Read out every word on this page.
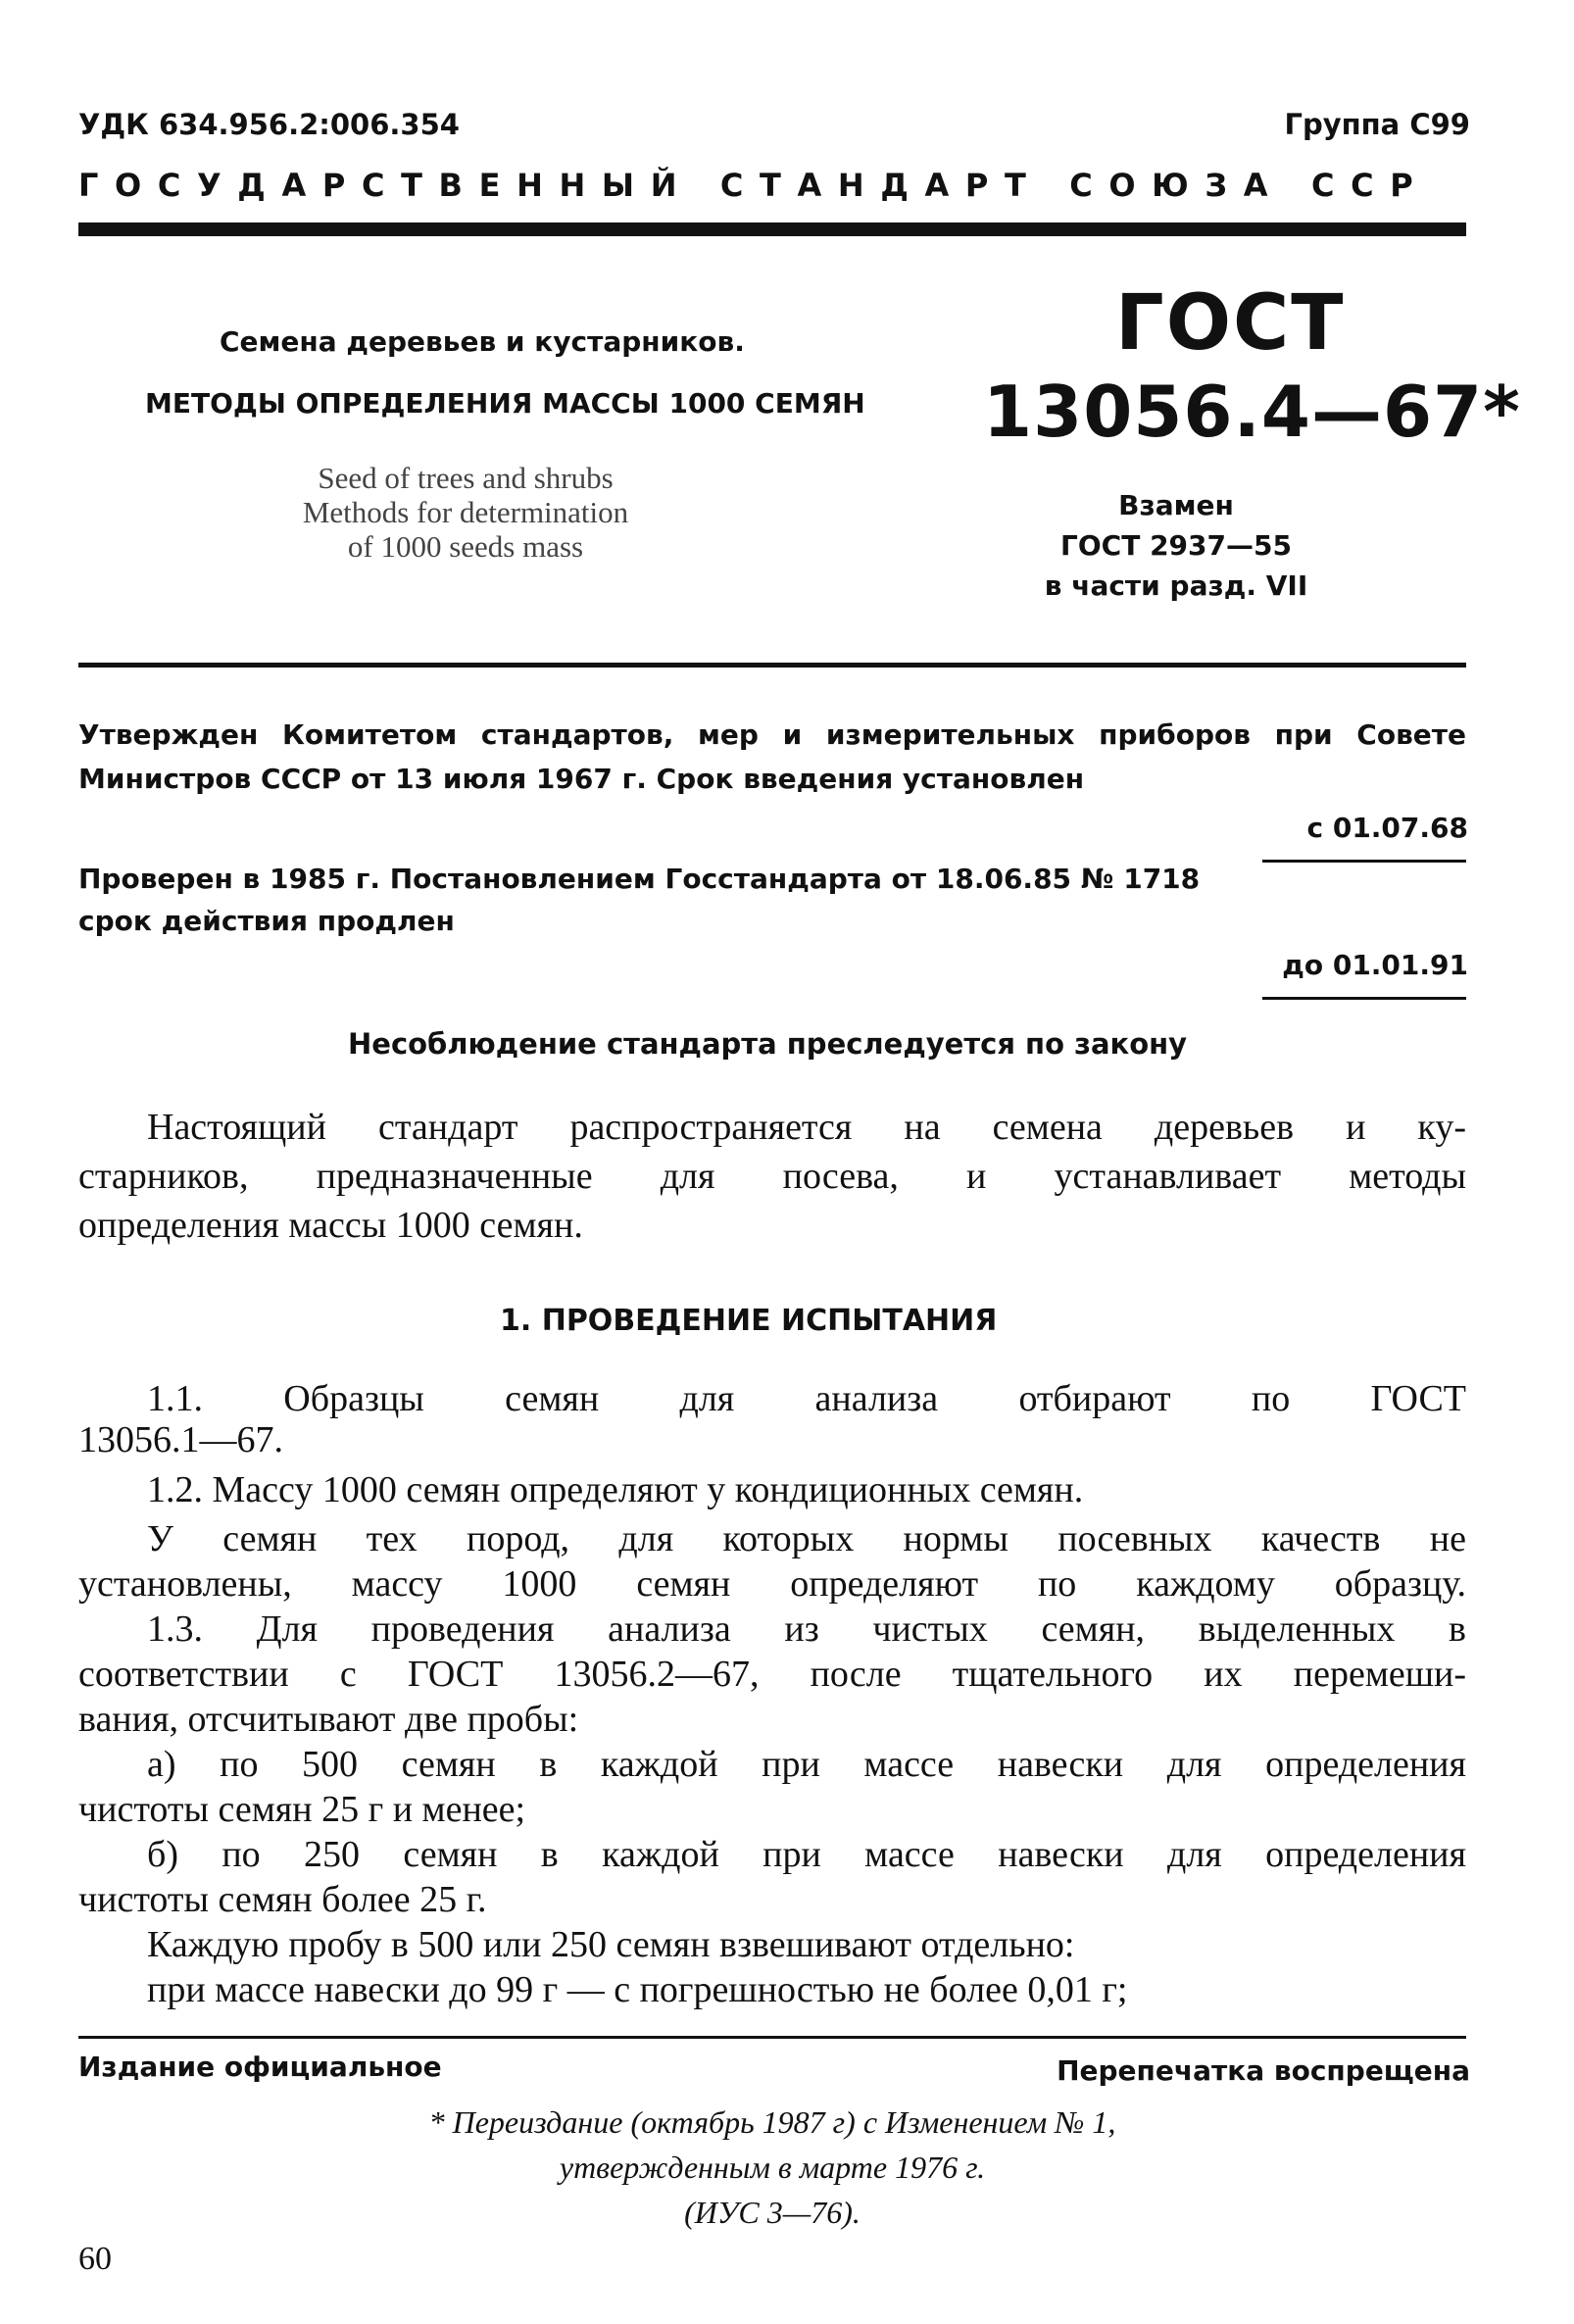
УДК 634.956.2:006.354	Группа С99
ГОСУДАРСТВЕННЫЙ СТАНДАРТ СОЮЗА ССР
Семена деревьев и кустарников.
МЕТОДЫ ОПРЕДЕЛЕНИЯ МАССЫ 1000 СЕМЯН
Seed of trees and shrubs
Methods for determination
of 1000 seeds mass
ГОСТ
13056.4—67*
Взамен
ГОСТ 2937—55
в части разд. VII
Утвержден Комитетом стандартов, мер и измерительных приборов при Совете
Министров СССР от 13 июля 1967 г. Срок введения установлен
с 01.07.68
Проверен в 1985 г. Постановлением Госстандарта от 18.06.85 № 1718
срок действия продлен
до 01.01.91
Несоблюдение стандарта преследуется по закону
Настоящий стандарт распространяется на семена деревьев и ку-
старников, предназначенные для посева, и устанавливает методы
определения массы 1000 семян.
1. ПРОВЕДЕНИЕ ИСПЫТАНИЯ
1.1. Образцы семян для анализа отбирают по ГОСТ
13056.1—67.
1.2. Массу 1000 семян определяют у кондиционных семян.
У семян тех пород, для которых нормы посевных качеств не
установлены, массу 1000 семян определяют по каждому образцу.
1.3. Для проведения анализа из чистых семян, выделенных в
соответствии с ГОСТ 13056.2—67, после тщательного их перемеши-
вания, отсчитывают две пробы:
а) по 500 семян в каждой при массе навески для определения
чистоты семян 25 г и менее;
б) по 250 семян в каждой при массе навески для определения
чистоты семян более 25 г.
Каждую пробу в 500 или 250 семян взвешивают отдельно:
при массе навески до 99 г — с погрешностью не более 0,01 г;
Издание официальное	Перепечатка воспрещена
* Переиздание (октябрь 1987 г) с Изменением № 1,
утвержденным в марте 1976 г.
(ИУС 3—76).
60
